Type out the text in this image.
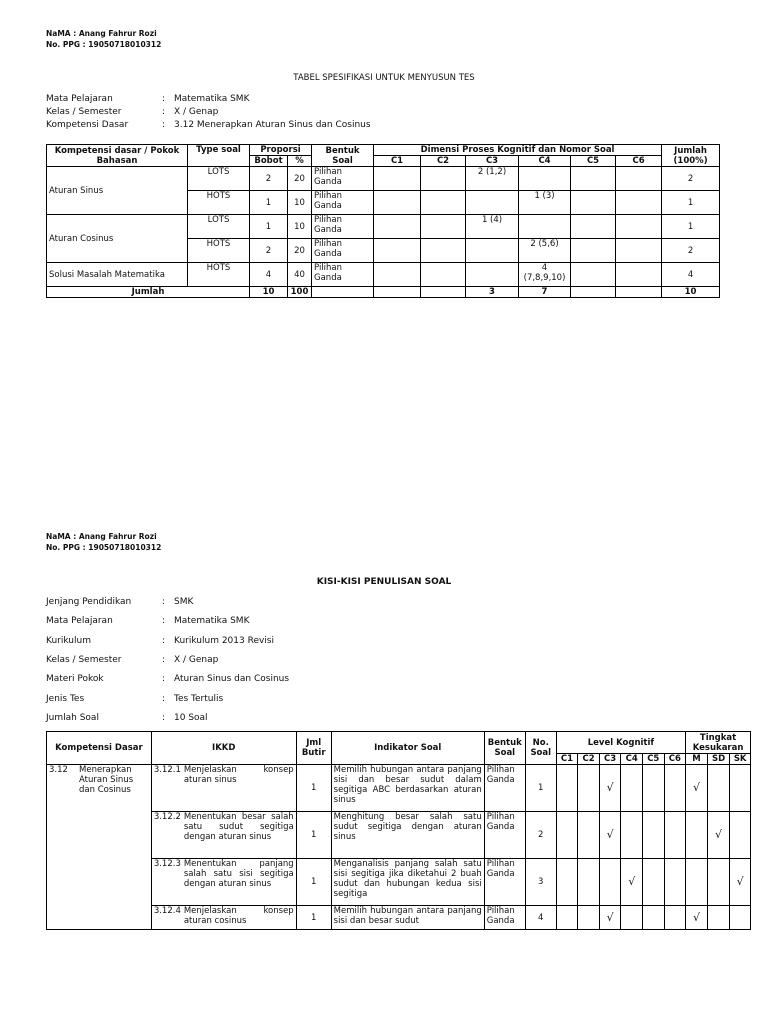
NaMA : Anang Fahrur Rozi
No. PPG : 19050718010312
TABEL SPESIFIKASI UNTUK MENYUSUN TES
Mata Pelajaran	: Matematika SMK
Kelas / Semester	: X / Genap
Kompetensi Dasar	: 3.12 Menerapkan Aturan Sinus dan Cosinus
Kompetensi dasar / Pokok Bahasan	Type soal	Proporsi		Bentuk Soal	Dimensi Proses Kognitif dan Nomor Soal						Jumlah (100%)
		Bobot	%		C1	C2	C3	C4	C5	C6	
Aturan Sinus	LOTS	2	20	Pilihan Ganda			2 (1,2)				2
	HOTS	1	10	Pilihan Ganda				1 (3)			1
Aturan Cosinus	LOTS	1	10	Pilihan Ganda			1 (4)				1
	HOTS	2	20	Pilihan Ganda				2 (5,6)			2
Solusi Masalah Matematika	HOTS	4	40	Pilihan Ganda				4 (7,8,9,10)			4
Jumlah		10	100				3	7			10
NaMA : Anang Fahrur Rozi
No. PPG : 19050718010312
KISI-KISI PENULISAN SOAL
Jenjang Pendidikan	: SMK
Mata Pelajaran	: Matematika SMK
Kurikulum	: Kurikulum 2013 Revisi
Kelas / Semester	: X / Genap
Materi Pokok	: Aturan Sinus dan Cosinus
Jenis Tes	: Tes Tertulis
Jumlah Soal	: 10 Soal
Kompetensi Dasar	IKKD	Jml Butir	Indikator Soal	Bentuk Soal	No. Soal	Level Kognitif						Tingkat Kesukaran		
						C1	C2	C3	C4	C5	C6	M	SD	SK

3.12 Menerapkan Aturan Sinus dan Cosinus	3.12.1 Menjelaskan konsep aturan sinus	1	Memilih hubungan antara panjang sisi dan besar sudut dalam segitiga ABC berdasarkan aturan sinus	Pilihan Ganda	1			√				√		

	3.12.2 Menentukan besar salah satu sudut segitiga dengan aturan sinus	1	Menghitung besar salah satu sudut segitiga dengan aturan sinus	Pilihan Ganda	2			√					√	

	3.12.3 Menentukan panjang salah satu sisi segitiga dengan aturan sinus	1	Menganalisis panjang salah satu sisi segitiga jika diketahui 2 buah sudut dan hubungan kedua sisi segitiga	Pilihan Ganda	3				√					√

	3.12.4 Menjelaskan konsep aturan cosinus	1	Memilih hubungan antara panjang sisi dan besar sudut	Pilihan Ganda	4			√				√		
